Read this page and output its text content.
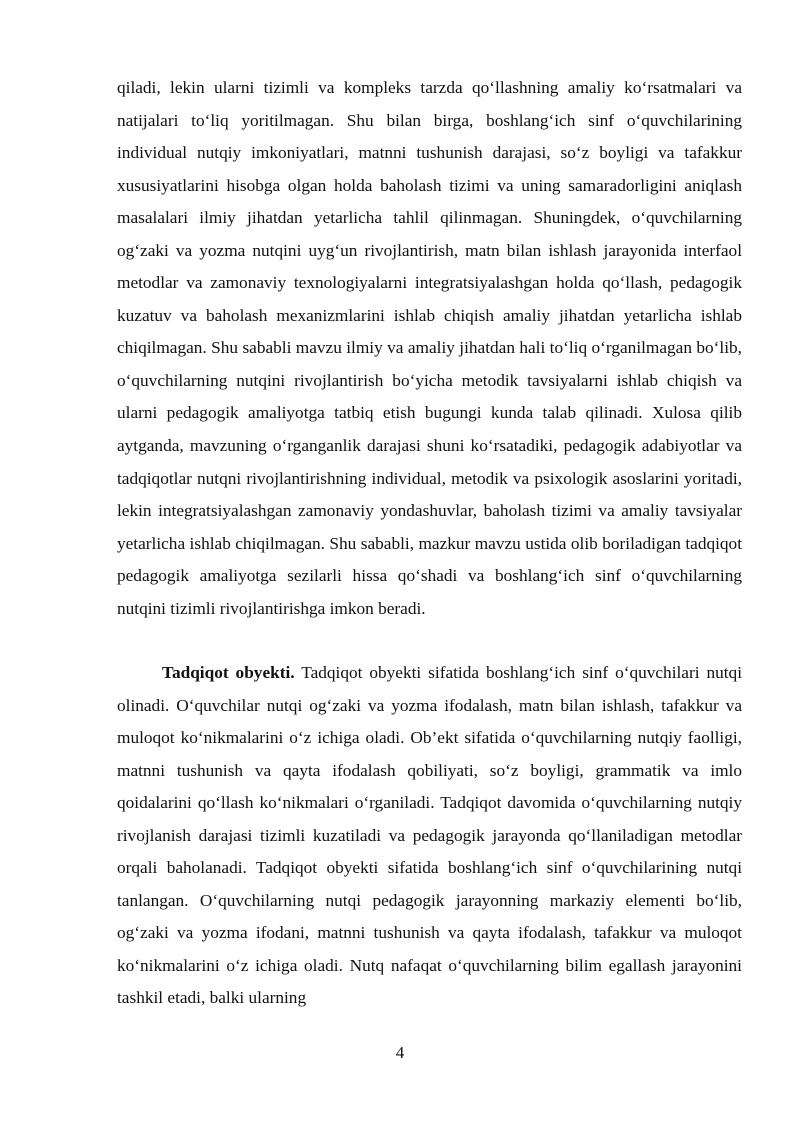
qiladi, lekin ularni tizimli va kompleks tarzda qo‘llashning amaliy ko‘rsatmalari va natijalari to‘liq yoritilmagan. Shu bilan birga, boshlang‘ich sinf o‘quvchilarining individual nutqiy imkoniyatlari, matnni tushunish darajasi, so‘z boyligi va tafakkur xususiyatlarini hisobga olgan holda baholash tizimi va uning samaradorligini aniqlash masalalari ilmiy jihatdan yetarlicha tahlil qilinmagan. Shuningdek, o‘quvchilarning og‘zaki va yozma nutqini uyg‘un rivojlantirish, matn bilan ishlash jarayonida interfaol metodlar va zamonaviy texnologiyalarni integratsiyalashgan holda qo‘llash, pedagogik kuzatuv va baholash mexanizmlarini ishlab chiqish amaliy jihatdan yetarlicha ishlab chiqilmagan. Shu sababli mavzu ilmiy va amaliy jihatdan hali to‘liq o‘rganilmagan bo‘lib, o‘quvchilarning nutqini rivojlantirish bo‘yicha metodik tavsiyalarni ishlab chiqish va ularni pedagogik amaliyotga tatbiq etish bugungi kunda talab qilinadi. Xulosa qilib aytganda, mavzuning o‘rganganlik darajasi shuni ko‘rsatadiki, pedagogik adabiyotlar va tadqiqotlar nutqni rivojlantirishning individual, metodik va psixologik asoslarini yoritadi, lekin integratsiyalashgan zamonaviy yondashuvlar, baholash tizimi va amaliy tavsiyalar yetarlicha ishlab chiqilmagan. Shu sababli, mazkur mavzu ustida olib boriladigan tadqiqot pedagogik amaliyotga sezilarli hissa qo‘shadi va boshlang‘ich sinf o‘quvchilarning nutqini tizimli rivojlantirishga imkon beradi.

Tadqiqot obyekti. Tadqiqot obyekti sifatida boshlang‘ich sinf o‘quvchilari nutqi olinadi. O‘quvchilar nutqi og‘zaki va yozma ifodalash, matn bilan ishlash, tafakkur va muloqot ko‘nikmalarini o‘z ichiga oladi. Ob’ekt sifatida o‘quvchilarning nutqiy faolligi, matnni tushunish va qayta ifodalash qobiliyati, so‘z boyligi, grammatik va imlo qoidalarini qo‘llash ko‘nikmalari o‘rganiladi. Tadqiqot davomida o‘quvchilarning nutqiy rivojlanish darajasi tizimli kuzatiladi va pedagogik jarayonda qo‘llaniladigan metodlar orqali baholanadi. Tadqiqot obyekti sifatida boshlang‘ich sinf o‘quvchilarining nutqi tanlangan. O‘quvchilarning nutqi pedagogik jarayonning markaziy elementi bo‘lib, og‘zaki va yozma ifodani, matnni tushunish va qayta ifodalash, tafakkur va muloqot ko‘nikmalarini o‘z ichiga oladi. Nutq nafaqat o‘quvchilarning bilim egallash jarayonini tashkil etadi, balki ularning

4
